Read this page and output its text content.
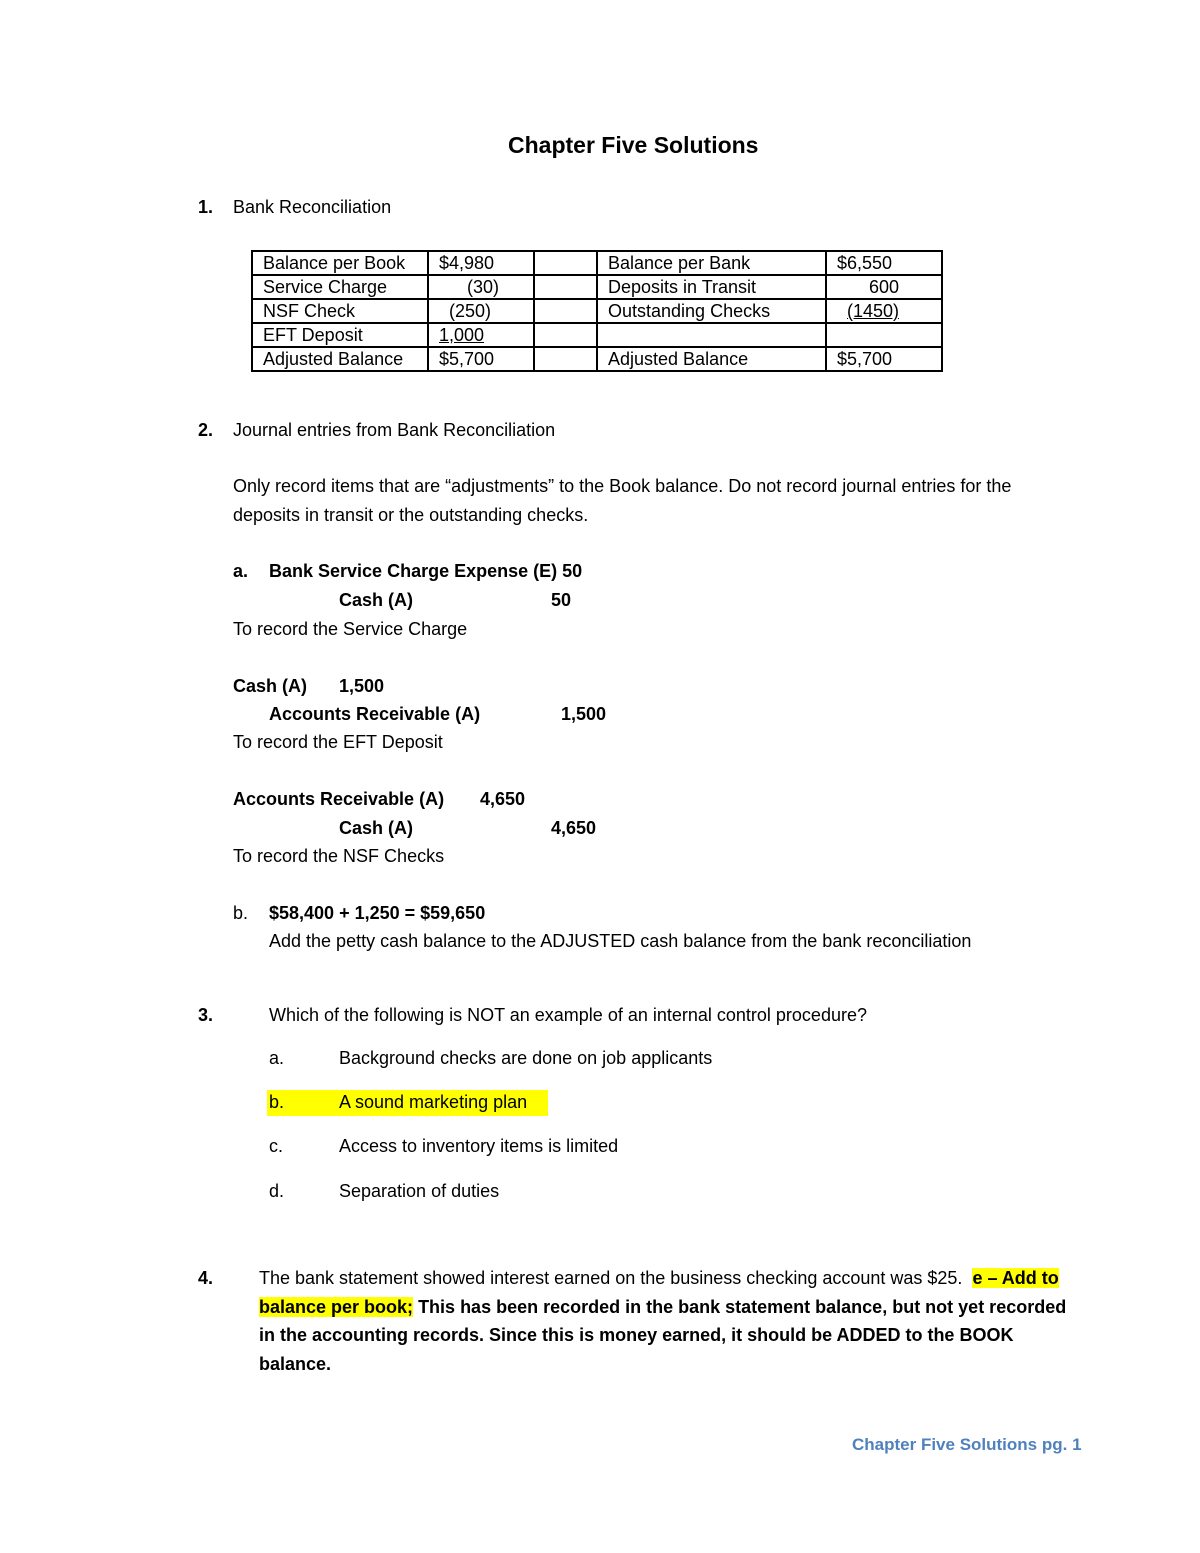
Chapter Five Solutions
1. Bank Reconciliation
Balance per Book	$4,980		Balance per Bank	$6,550
Service Charge	(30)		Deposits in Transit	600
NSF Check	(250)		Outstanding Checks	(1450)
EFT Deposit	1,000			
Adjusted Balance	$5,700		Adjusted Balance	$5,700
2. Journal entries from Bank Reconciliation
Only record items that are “adjustments” to the Book balance. Do not record journal entries for the deposits in transit or the outstanding checks.
a. Bank Service Charge Expense (E) 50
Cash (A)	50
To record the Service Charge
Cash (A) 1,500
Accounts Receivable (A)	1,500
To record the EFT Deposit
Accounts Receivable (A) 4,650
Cash (A)	4,650
To record the NSF Checks
b. $58,400 + 1,250 = $59,650
Add the petty cash balance to the ADJUSTED cash balance from the bank reconciliation
3.	Which of the following is NOT an example of an internal control procedure?
a.	Background checks are done on job applicants
b.	A sound marketing plan
c.	Access to inventory items is limited
d.	Separation of duties
4.	The bank statement showed interest earned on the business checking account was $25. e – Add to balance per book; This has been recorded in the bank statement balance, but not yet recorded in the accounting records. Since this is money earned, it should be ADDED to the BOOK balance.
Chapter Five Solutions pg. 1
